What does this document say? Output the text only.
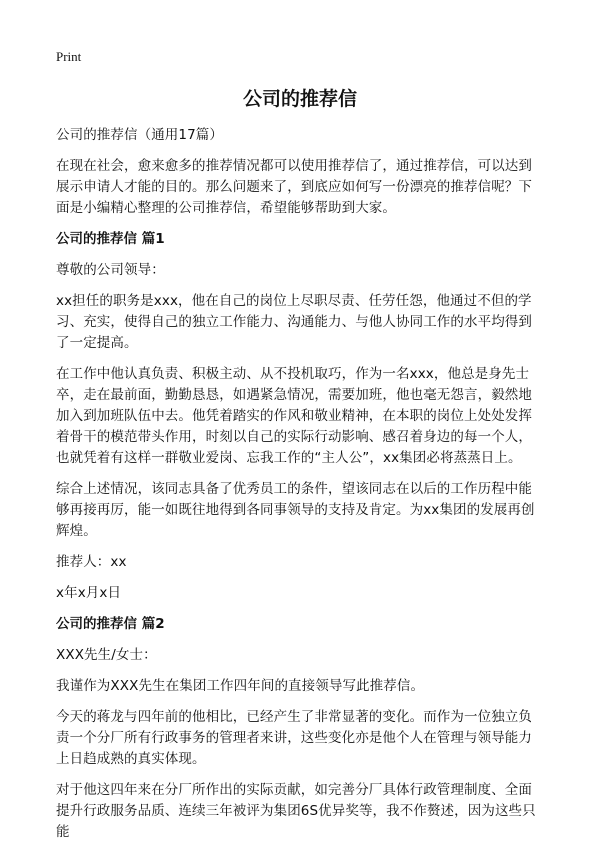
Print
公司的推荐信

公司的推荐信（通用17篇）

在现在社会，愈来愈多的推荐情况都可以使用推荐信了，通过推荐信，可以达到展示申请人才能的目的。那么问题来了，到底应如何写一份漂亮的推荐信呢？下面是小编精心整理的公司推荐信，希望能够帮助到大家。

公司的推荐信 篇1

尊敬的公司领导：

xx担任的职务是xxx，他在自己的岗位上尽职尽责、任劳任怨，他通过不但的学习、充实，使得自己的独立工作能力、沟通能力、与他人协同工作的水平均得到了一定提高。

在工作中他认真负责、积极主动、从不投机取巧，作为一名xxx，他总是身先士卒，走在最前面，勤勤恳恳，如遇紧急情况，需要加班，他也毫无怨言，毅然地加入到加班队伍中去。他凭着踏实的作风和敬业精神，在本职的岗位上处处发挥着骨干的模范带头作用，时刻以自己的实际行动影响、感召着身边的每一个人，也就凭着有这样一群敬业爱岗、忘我工作的“主人公”，xx集团必将蒸蒸日上。

综合上述情况，该同志具备了优秀员工的条件，望该同志在以后的工作历程中能够再接再厉，能一如既往地得到各同事领导的支持及肯定。为xx集团的发展再创辉煌。

推荐人：xx

x年x月x日

公司的推荐信 篇2

XXX先生/女士：

我谨作为XXX先生在集团工作四年间的直接领导写此推荐信。

今天的蒋龙与四年前的他相比，已经产生了非常显著的变化。而作为一位独立负责一个分厂所有行政事务的管理者来讲，这些变化亦是他个人在管理与领导能力上日趋成熟的真实体现。

对于他这四年来在分厂所作出的实际贡献，如完善分厂具体行政管理制度、全面提升行政服务品质、连续三年被评为集团6S优异奖等，我不作赘述，因为这些只能
